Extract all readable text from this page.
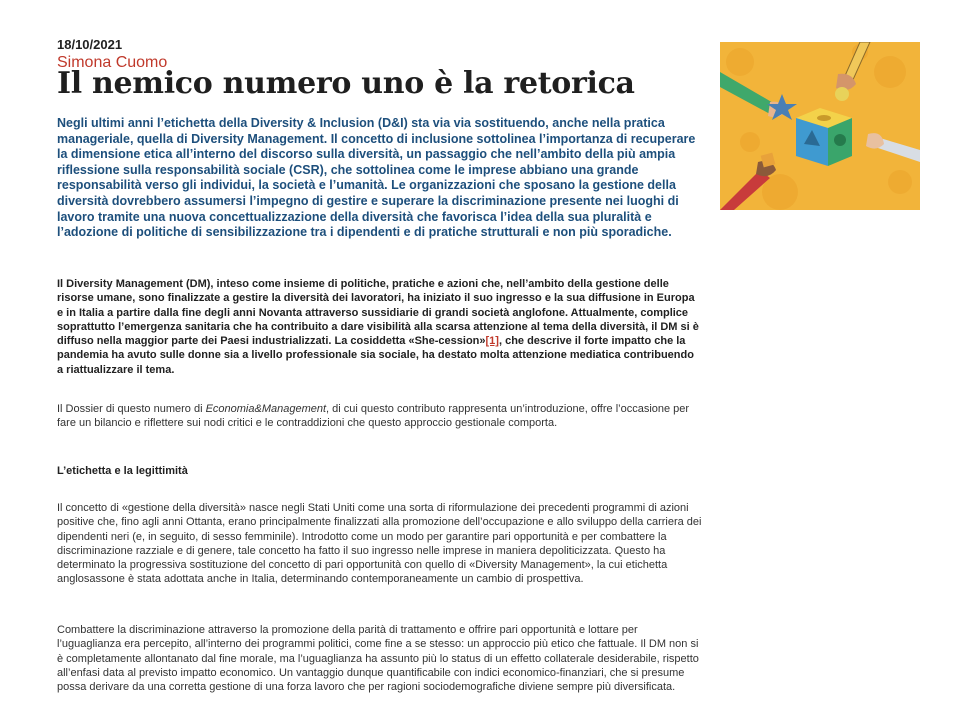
18/10/2021
Simona Cuomo
Il nemico numero uno è la retorica

Negli ultimi anni l’etichetta della Diversity & Inclusion (D&I) sta via via sostituendo, anche nella pratica manageriale, quella di Diversity Management. Il concetto di inclusione sottolinea l’importanza di recuperare la dimensione etica all’interno del discorso sulla diversità, un passaggio che nell’ambito della più ampia riflessione sulla responsabilità sociale (CSR), che sottolinea come le imprese abbiano una grande responsabilità verso gli individui, la società e l’umanità. Le organizzazioni che sposano la gestione della diversità dovrebbero assumersi l’impegno di gestire e superare la discriminazione presente nei luoghi di lavoro tramite una nuova concettualizzazione della diversità che favorisca l’idea della sua pluralità e l’adozione di politiche di sensibilizzazione tra i dipendenti e di pratiche strutturali e non più sporadiche.

Il Diversity Management (DM), inteso come insieme di politiche, pratiche e azioni che, nell’ambito della gestione delle risorse umane, sono finalizzate a gestire la diversità dei lavoratori, ha iniziato il suo ingresso e la sua diffusione in Europa e in Italia a partire dalla fine degli anni Novanta attraverso sussidiarie di grandi società anglofone. Attualmente, complice soprattutto l’emergenza sanitaria che ha contribuito a dare visibilità alla scarsa attenzione al tema della diversità, il DM si è diffuso nella maggior parte dei Paesi industrializzati. La cosiddetta «She-cession»[1], che descrive il forte impatto che la pandemia ha avuto sulle donne sia a livello professionale sia sociale, ha destato molta attenzione mediatica contribuendo a riattualizzare il tema.

Il Dossier di questo numero di Economia&Management, di cui questo contributo rappresenta un’introduzione, offre l’occasione per fare un bilancio e riflettere sui nodi critici e le contraddizioni che questo approccio gestionale comporta.

L’etichetta e la legittimità

Il concetto di «gestione della diversità» nasce negli Stati Uniti come una sorta di riformulazione dei precedenti programmi di azioni positive che, fino agli anni Ottanta, erano principalmente finalizzati alla promozione dell’occupazione e allo sviluppo della carriera dei dipendenti neri (e, in seguito, di sesso femminile). Introdotto come un modo per garantire pari opportunità e per combattere la discriminazione razziale e di genere, tale concetto ha fatto il suo ingresso nelle imprese in maniera depoliticizzata. Questo ha determinato la progressiva sostituzione del concetto di pari opportunità con quello di «Diversity Management», la cui etichetta anglosassone è stata adottata anche in Italia, determinando contemporaneamente un cambio di prospettiva.

Combattere la discriminazione attraverso la promozione della parità di trattamento e offrire pari opportunità e lottare per l’uguaglianza era percepito, all’interno dei programmi politici, come fine a se stesso: un approccio più etico che fattuale. Il DM non si è completamente allontanato dal fine morale, ma l’uguaglianza ha assunto più lo status di un effetto collaterale desiderabile, rispetto all’enfasi data al previsto impatto economico. Un vantaggio dunque quantificabile con indici economico-finanziari, che si presume possa derivare da una corretta gestione di una forza lavoro che per ragioni sociodemografiche diviene sempre più diversificata.
